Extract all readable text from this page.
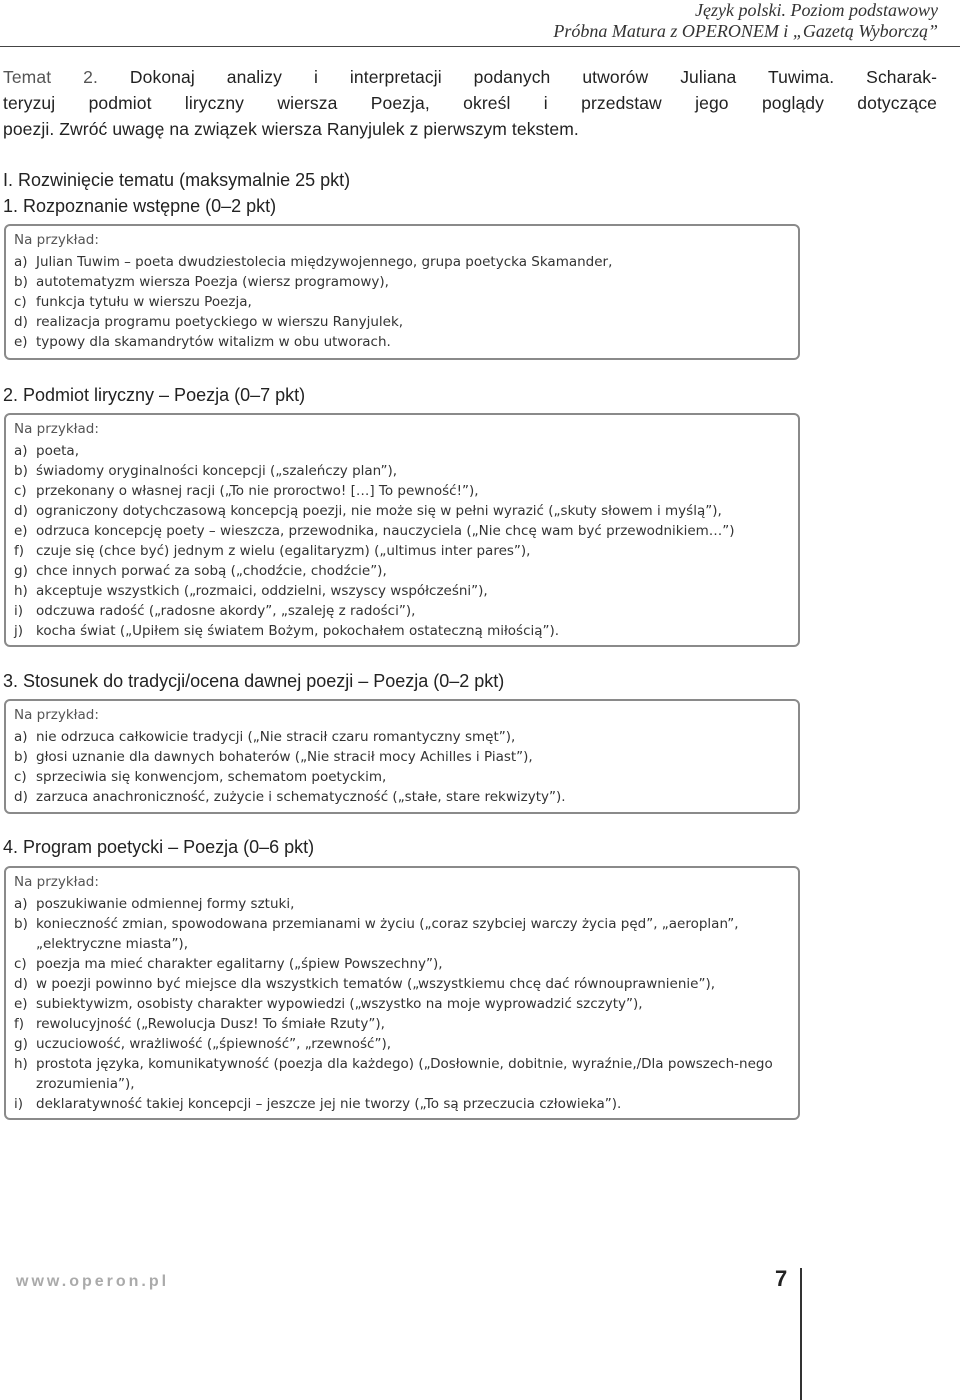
Język polski. Poziom podstawowy
Próbna Matura z OPERONEM i „Gazetą Wyborczą”
Temat 2. Dokonaj analizy i interpretacji podanych utworów Juliana Tuwima. Scharak-
teryzuj podmiot liryczny wiersza Poezja, określ i przedstaw jego poglądy dotyczące
poezji. Zwróć uwagę na związek wiersza Ranyjulek z pierwszym tekstem.
I. Rozwinięcie tematu (maksymalnie 25 pkt)
1. Rozpoznanie wstępne (0–2 pkt)
Na przykład:
a) Julian Tuwim – poeta dwudziestolecia międzywojennego, grupa poetycka Skamander,
b) autotematyzm wiersza Poezja (wiersz programowy),
c) funkcja tytułu w wierszu Poezja,
d) realizacja programu poetyckiego w wierszu Ranyjulek,
e) typowy dla skamandrytów witalizm w obu utworach.
2. Podmiot liryczny – Poezja (0–7 pkt)
Na przykład:
a) poeta,
b) świadomy oryginalności koncepcji („szaleńczy plan”),
c) przekonany o własnej racji („To nie proroctwo! […] To pewność!”),
d) ograniczony dotychczasową koncepcją poezji, nie może się w pełni wyrazić („skuty słowem i myślą”),
e) odrzuca koncepcję poety – wieszcza, przewodnika, nauczyciela („Nie chcę wam być przewodnikiem…”)
f) czuje się (chce być) jednym z wielu (egalitaryzm) („ultimus inter pares”),
g) chce innych porwać za sobą („chodźcie, chodźcie”),
h) akceptuje wszystkich („rozmaici, oddzielni, wszyscy współcześni”),
i) odczuwa radość („radosne akordy”, „szaleję z radości”),
j) kocha świat („Upiłem się światem Bożym, pokochałem ostateczną miłością”).
3. Stosunek do tradycji/ocena dawnej poezji – Poezja (0–2 pkt)
Na przykład:
a) nie odrzuca całkowicie tradycji („Nie stracił czaru romantyczny smęt”),
b) głosi uznanie dla dawnych bohaterów („Nie stracił mocy Achilles i Piast”),
c) sprzeciwia się konwencjom, schematom poetyckim,
d) zarzuca anachroniczność, zużycie i schematyczność („stałe, stare rekwizyty”).
4. Program poetycki – Poezja (0–6 pkt)
Na przykład:
a) poszukiwanie odmiennej formy sztuki,
b) konieczność zmian, spowodowana przemianami w życiu („coraz szybciej warczy życia pęd”, „aeroplan”, „elektryczne miasta”),
c) poezja ma mieć charakter egalitarny („śpiew Powszechny”),
d) w poezji powinno być miejsce dla wszystkich tematów („wszystkiemu chcę dać równouprawnienie”),
e) subiektywizm, osobisty charakter wypowiedzi („wszystko na moje wyprowadzić szczyty”),
f) rewolucyjność („Rewolucja Dusz! To śmiałe Rzuty”),
g) uczuciowość, wrażliwość („śpiewność”, „rzewność”),
h) prostota języka, komunikatywność (poezja dla każdego) („Dosłownie, dobitnie, wyraźnie,/Dla powszech-nego zrozumienia”),
i) deklaratywność takiej koncepcji – jeszcze jej nie tworzy („To są przeczucia człowieka”).
www.operon.pl	7
